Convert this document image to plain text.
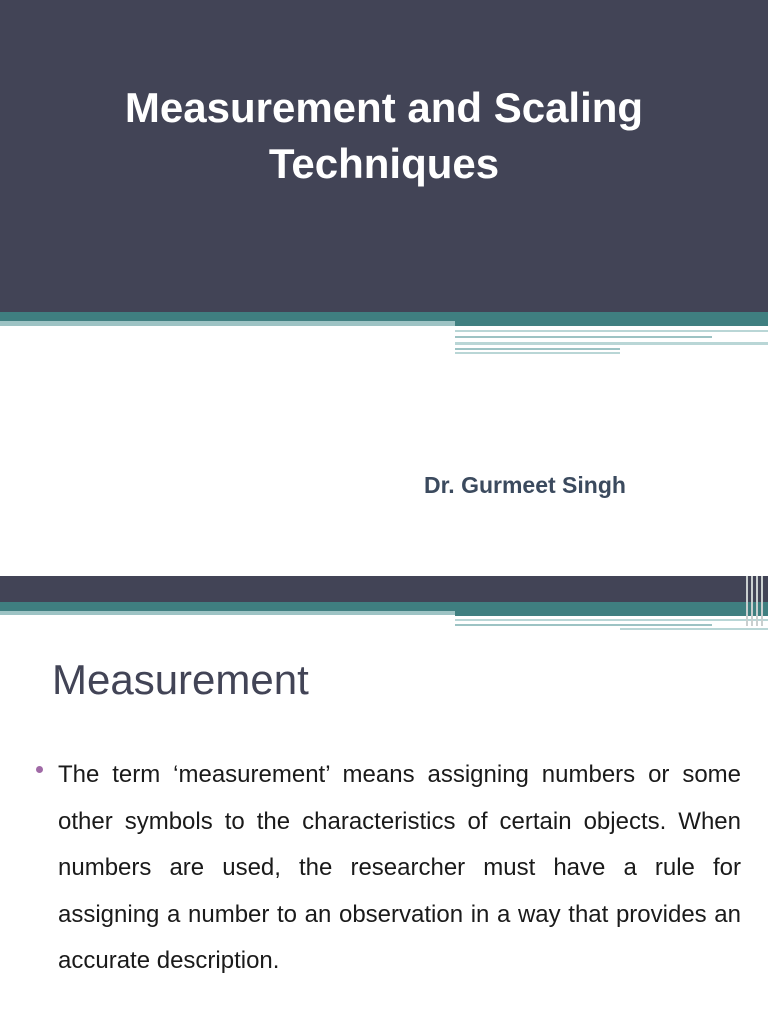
Measurement and Scaling Techniques
Dr. Gurmeet Singh
Measurement
The term ‘measurement’ means assigning numbers or some other symbols to the characteristics of certain objects. When numbers are used, the researcher must have a rule for assigning a number to an observation in a way that provides an accurate description.
